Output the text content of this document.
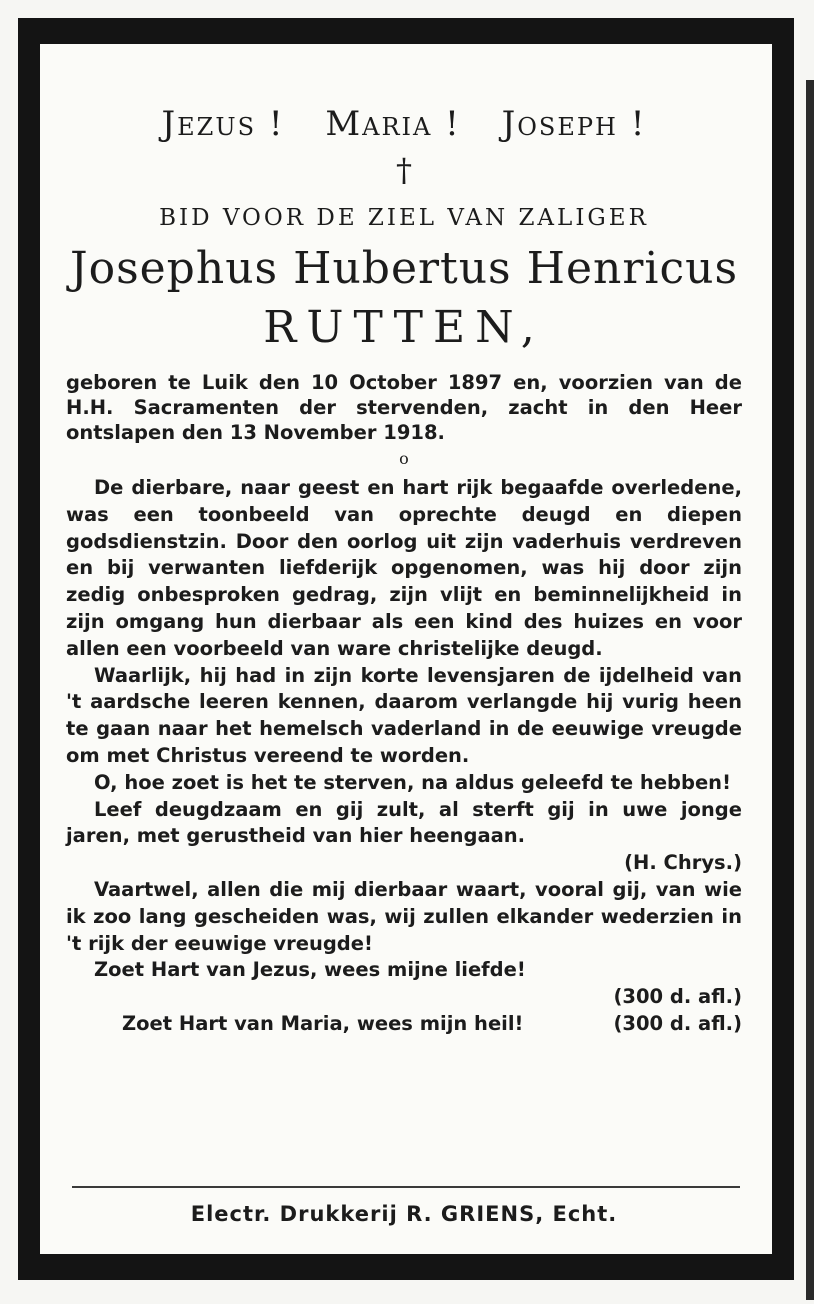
Jezus ! Maria ! Joseph !
†
BID VOOR DE ZIEL VAN ZALIGER
Josephus Hubertus Henricus
RUTTEN,
geboren te Luik den 10 October 1897 en, voorzien van de H.H. Sacramenten der stervenden, zacht in den Heer ontslapen den 13 November 1918.
o

De dierbare, naar geest en hart rijk begaafde overledene, was een toonbeeld van oprechte deugd en diepen godsdienstzin. Door den oorlog uit zijn vaderhuis verdreven en bij verwanten liefderijk opgenomen, was hij door zijn zedig onbesproken gedrag, zijn vlijt en beminnelijkheid in zijn omgang hun dierbaar als een kind des huizes en voor allen een voorbeeld van ware christelijke deugd.

Waarlijk, hij had in zijn korte levensjaren de ijdelheid van 't aardsche leeren kennen, daarom verlangde hij vurig heen te gaan naar het hemelsch vaderland in de eeuwige vreugde om met Christus vereend te worden.

O, hoe zoet is het te sterven, na aldus geleefd te hebben!

Leef deugdzaam en gij zult, al sterft gij in uwe jonge jaren, met gerustheid van hier heengaan.

(H. Chrys.)

Vaartwel, allen die mij dierbaar waart, vooral gij, van wie ik zoo lang gescheiden was, wij zullen elkander wederzien in 't rijk der eeuwige vreugde!

Zoet Hart van Jezus, wees mijne liefde!

(300 d. afl.)

Zoet Hart van Maria, wees mijn heil!	(300 d. afl.)

Electr. Drukkerij R. GRIENS, Echt.
